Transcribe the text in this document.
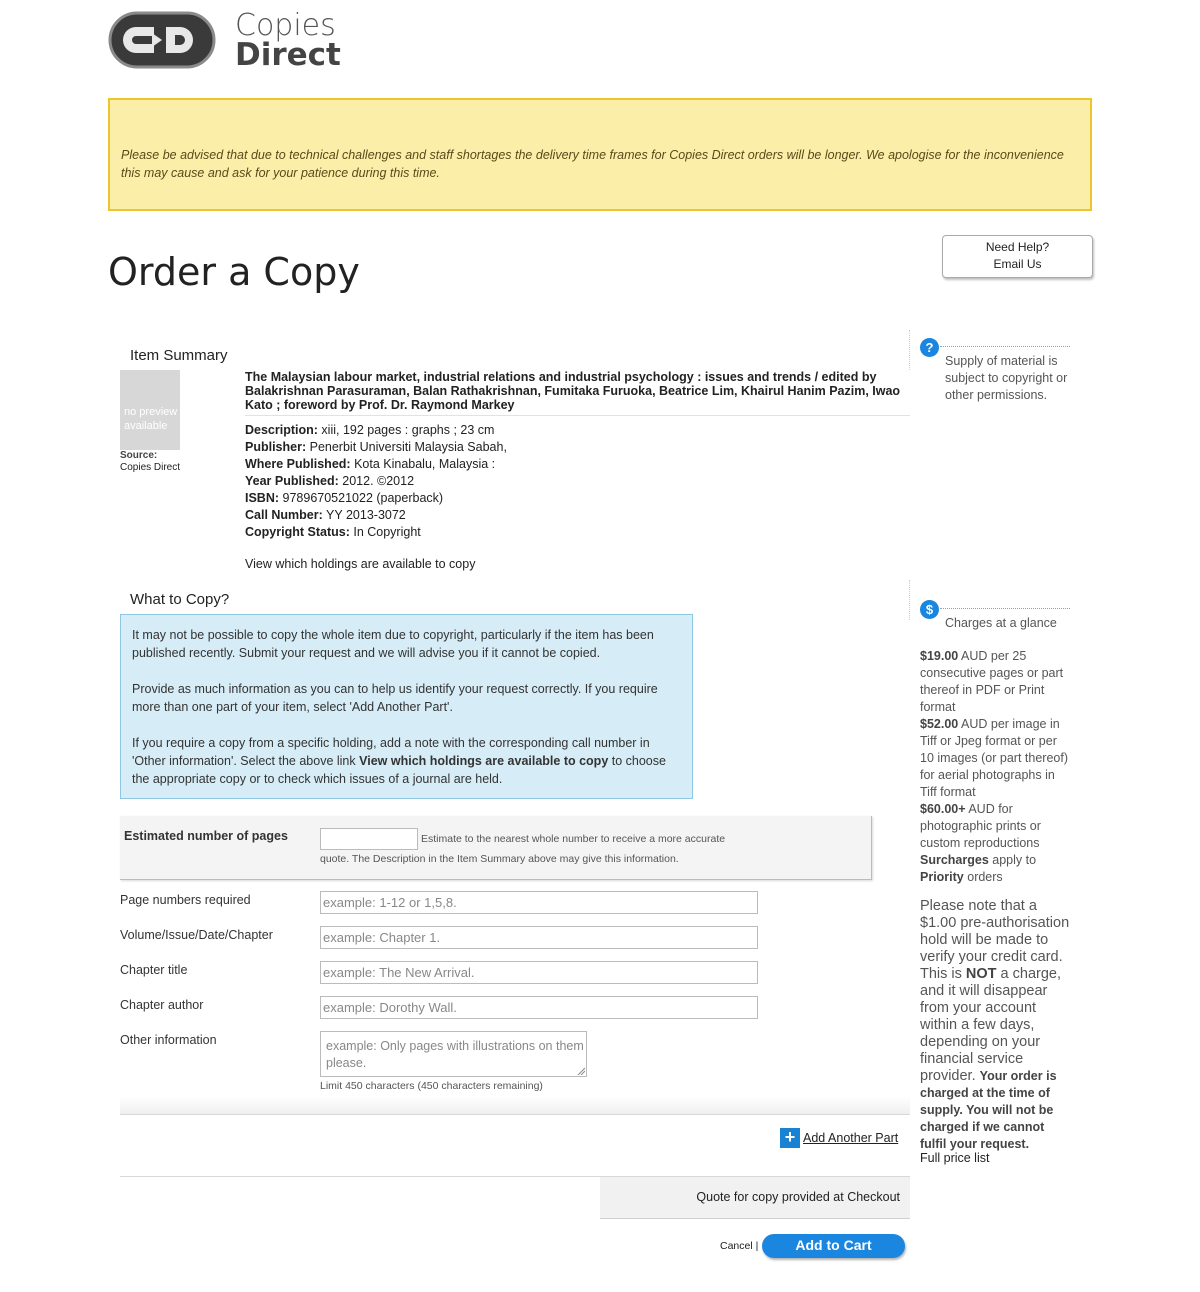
Copies
Direct
Please be advised that due to technical challenges and staff shortages the delivery time frames for Copies Direct orders will be longer. We apologise for the inconvenience this may cause and ask for your patience during this time.
Order a Copy
Need Help?
Email Us
Item Summary
no preview available
Source:
Copies Direct
The Malaysian labour market, industrial relations and industrial psychology : issues and trends / edited by Balakrishnan Parasuraman, Balan Rathakrishnan, Fumitaka Furuoka, Beatrice Lim, Khairul Hanim Pazim, Iwao Kato ; foreword by Prof. Dr. Raymond Markey
Description: xiii, 192 pages : graphs ; 23 cm
Publisher: Penerbit Universiti Malaysia Sabah,
Where Published: Kota Kinabalu, Malaysia :
Year Published: 2012. ©2012
ISBN: 9789670521022 (paperback)
Call Number: YY 2013-3072
Copyright Status: In Copyright
View which holdings are available to copy
What to Copy?

It may not be possible to copy the whole item due to copyright, particularly if the item has been published recently. Submit your request and we will advise you if it cannot be copied.

Provide as much information as you can to help us identify your request correctly. If you require more than one part of your item, select 'Add Another Part'.

If you require a copy from a specific holding, add a note with the corresponding call number in 'Other information'. Select the above link View which holdings are available to copy to choose the appropriate copy or to check which issues of a journal are held.

Estimated number of pages	Estimate to the nearest whole number to receive a more accurate
quote. The Description in the Item Summary above may give this information.
Page numbers required	example: 1-12 or 1,5,8.
Volume/Issue/Date/Chapter	example: Chapter 1.
Chapter title	example: The New Arrival.
Chapter author	example: Dorothy Wall.
Other information	example: Only pages with illustrations on them please.
Limit 450 characters (450 characters remaining)
+ Add Another Part
Quote for copy provided at Checkout
Cancel |	Add to Cart
?
Supply of material is subject to copyright or other permissions.
$
Charges at a glance
$19.00 AUD per 25 consecutive pages or part thereof in PDF or Print format
$52.00 AUD per image in Tiff or Jpeg format or per 10 images (or part thereof) for aerial photographs in Tiff format
$60.00+ AUD for photographic prints or custom reproductions
Surcharges apply to Priority orders
Please note that a $1.00 pre-authorisation hold will be made to verify your credit card. This is NOT a charge, and it will disappear from your account within a few days, depending on your financial service provider. Your order is charged at the time of supply. You will not be charged if we cannot fulfil your request.
Full price list
